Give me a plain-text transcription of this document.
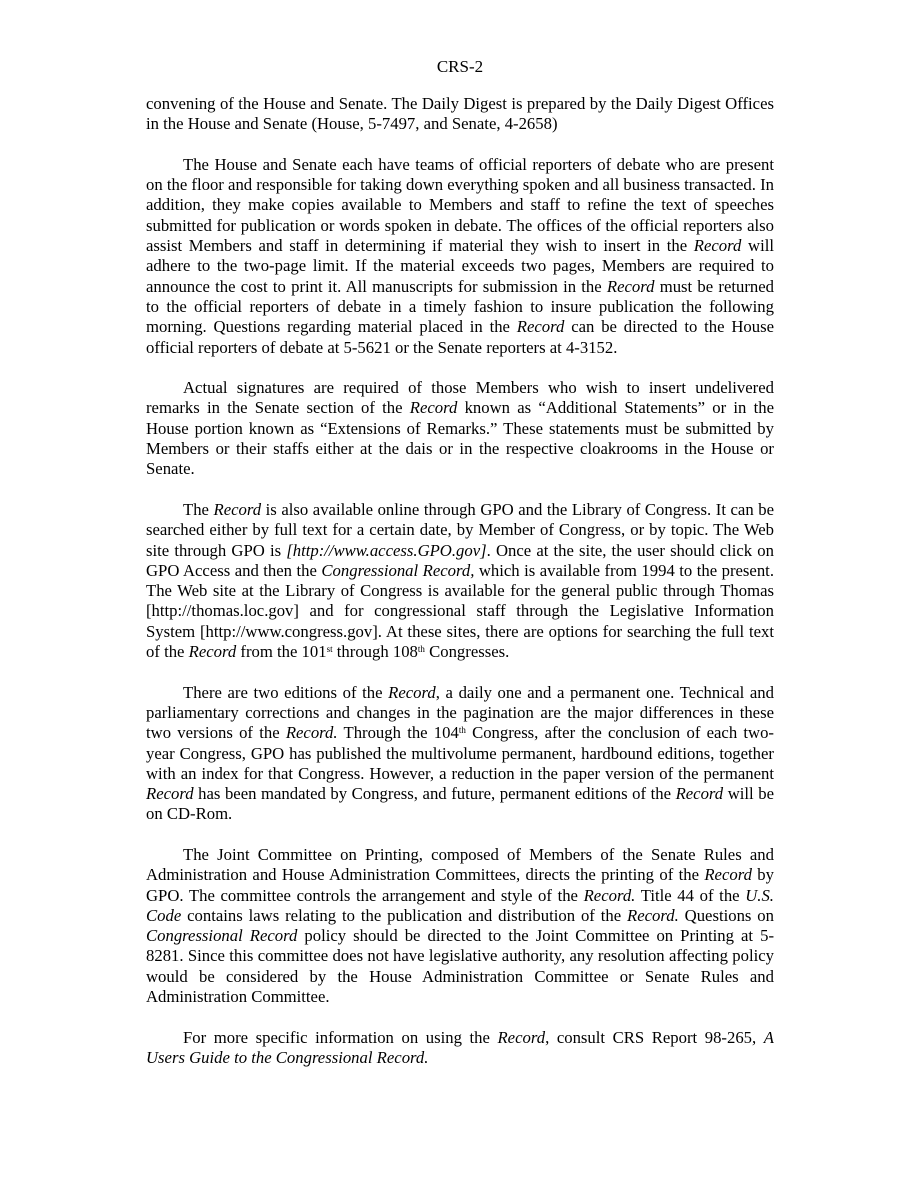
CRS-2

convening of the House and Senate. The Daily Digest is prepared by the Daily Digest Offices in the House and Senate (House, 5-7497, and Senate, 4-2658)

The House and Senate each have teams of official reporters of debate who are present on the floor and responsible for taking down everything spoken and all business transacted. In addition, they make copies available to Members and staff to refine the text of speeches submitted for publication or words spoken in debate. The offices of the official reporters also assist Members and staff in determining if material they wish to insert in the Record will adhere to the two-page limit. If the material exceeds two pages, Members are required to announce the cost to print it. All manuscripts for submission in the Record must be returned to the official reporters of debate in a timely fashion to insure publication the following morning. Questions regarding material placed in the Record can be directed to the House official reporters of debate at 5-5621 or the Senate reporters at 4-3152.

Actual signatures are required of those Members who wish to insert undelivered remarks in the Senate section of the Record known as “Additional Statements” or in the House portion known as “Extensions of Remarks.” These statements must be submitted by Members or their staffs either at the dais or in the respective cloakrooms in the House or Senate.

The Record is also available online through GPO and the Library of Congress. It can be searched either by full text for a certain date, by Member of Congress, or by topic. The Web site through GPO is [http://www.access.GPO.gov]. Once at the site, the user should click on GPO Access and then the Congressional Record, which is available from 1994 to the present. The Web site at the Library of Congress is available for the general public through Thomas [http://thomas.loc.gov] and for congressional staff through the Legislative Information System [http://www.congress.gov]. At these sites, there are options for searching the full text of the Record from the 101st through 108th Congresses.

There are two editions of the Record, a daily one and a permanent one. Technical and parliamentary corrections and changes in the pagination are the major differences in these two versions of the Record. Through the 104th Congress, after the conclusion of each two-year Congress, GPO has published the multivolume permanent, hardbound editions, together with an index for that Congress. However, a reduction in the paper version of the permanent Record has been mandated by Congress, and future, permanent editions of the Record will be on CD-Rom.

The Joint Committee on Printing, composed of Members of the Senate Rules and Administration and House Administration Committees, directs the printing of the Record by GPO. The committee controls the arrangement and style of the Record. Title 44 of the U.S. Code contains laws relating to the publication and distribution of the Record. Questions on Congressional Record policy should be directed to the Joint Committee on Printing at 5-8281. Since this committee does not have legislative authority, any resolution affecting policy would be considered by the House Administration Committee or Senate Rules and Administration Committee.

For more specific information on using the Record, consult CRS Report 98-265, A Users Guide to the Congressional Record.
